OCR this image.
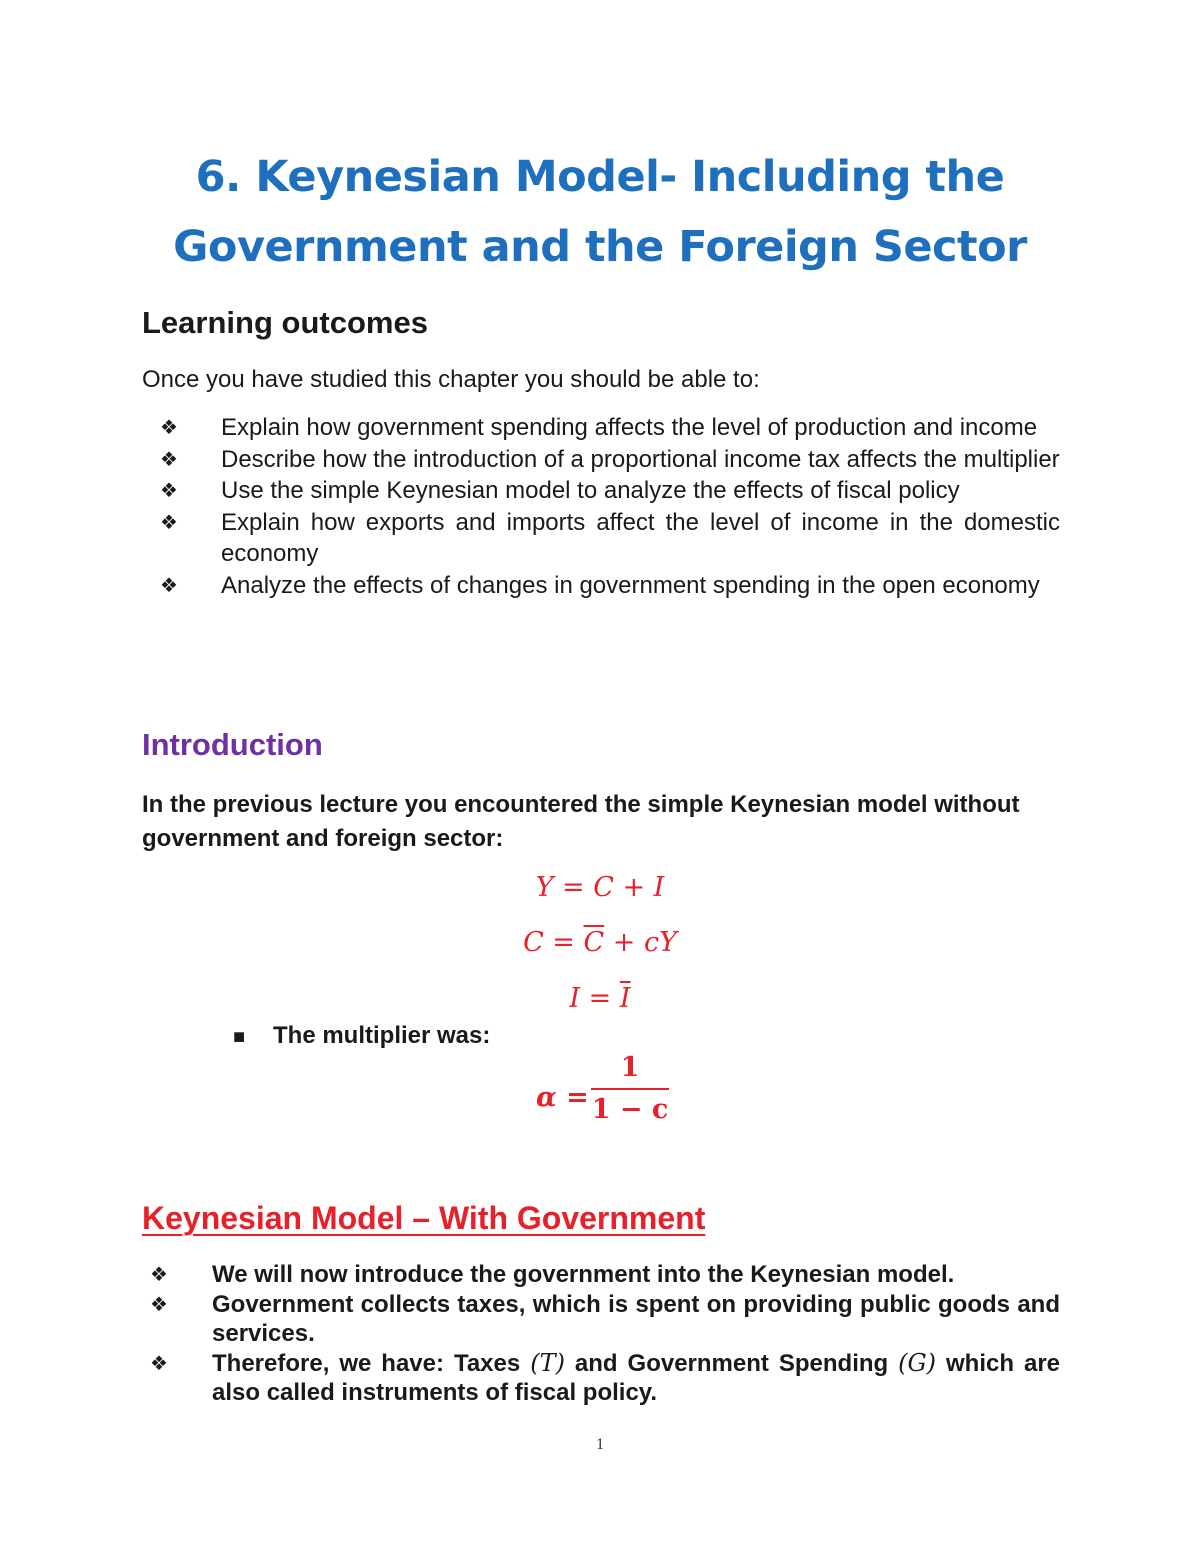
6. Keynesian Model- Including the
Government and the Foreign Sector
Learning outcomes
Once you have studied this chapter you should be able to:
❖	Explain how government spending affects the level of production and income
❖	Describe how the introduction of a proportional income tax affects the multiplier
❖	Use the simple Keynesian model to analyze the effects of fiscal policy
❖	Explain how exports and imports affect the level of income in the domestic economy
❖	Analyze the effects of changes in government spending in the open economy
Introduction
In the previous lecture you encountered the simple Keynesian model without government and foreign sector:
Y = C + I
$C = \overline{C}$ + cY
$I = \overline{I}$
■ The multiplier was:
α =
1
1 − c
Keynesian Model – With Government
❖	We will now introduce the government into the Keynesian model.
❖	Government collects taxes, which is spent on providing public goods and services.
❖	Therefore, we have: Taxes (T) and Government Spending (G) which are also called instruments of fiscal policy.
1
